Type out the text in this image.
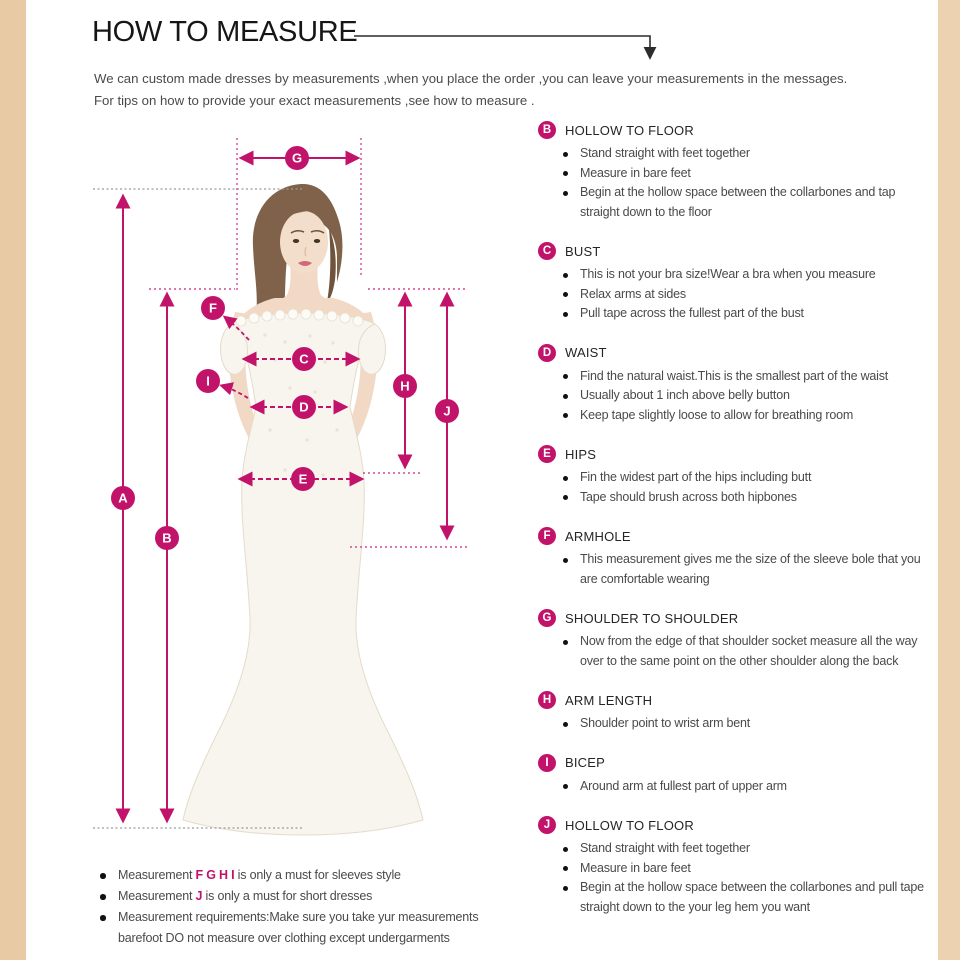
HOW TO MEASURE

We can custom made dresses by measurements ,when you place the order ,you can leave your measurements in the messages.

For tips on how to provide your exact measurements ,see how to measure .

A
B
C
D
E
F
G
H
I
J
B	HOLLOW TO FLOOR
Stand straight with feet together
Measure in bare feet
Begin at the hollow space between the collarbones and tap straight down to the floor
C	BUST
This is not your bra size!Wear a bra when you measure
Relax arms at sides
Pull tape across the fullest part of the bust
D	WAIST
Find the natural waist.This is the smallest part of the waist
Usually about 1 inch above belly button
Keep tape slightly loose to allow for breathing room
E	HIPS
Fin the widest part of the hips including butt
Tape should brush across both hipbones
F	ARMHOLE
This measurement gives me the size of the sleeve bole that you are comfortable wearing
G	SHOULDER TO SHOULDER
Now from the edge of that shoulder socket measure all the way over to the same point on the other shoulder along the back
H	ARM LENGTH
Shoulder point to wrist arm bent
I	BICEP
Around arm at fullest part of upper arm
J	HOLLOW TO FLOOR
Stand straight with feet together
Measure in bare feet
Begin at the hollow space between the collarbones and pull tape straight down to the your leg hem you want
Measurement F G H I is only a must for sleeves style
Measurement J is only a must for short dresses
Measurement requirements:Make sure you take yur measurements barefoot DO not measure over clothing except undergarments
